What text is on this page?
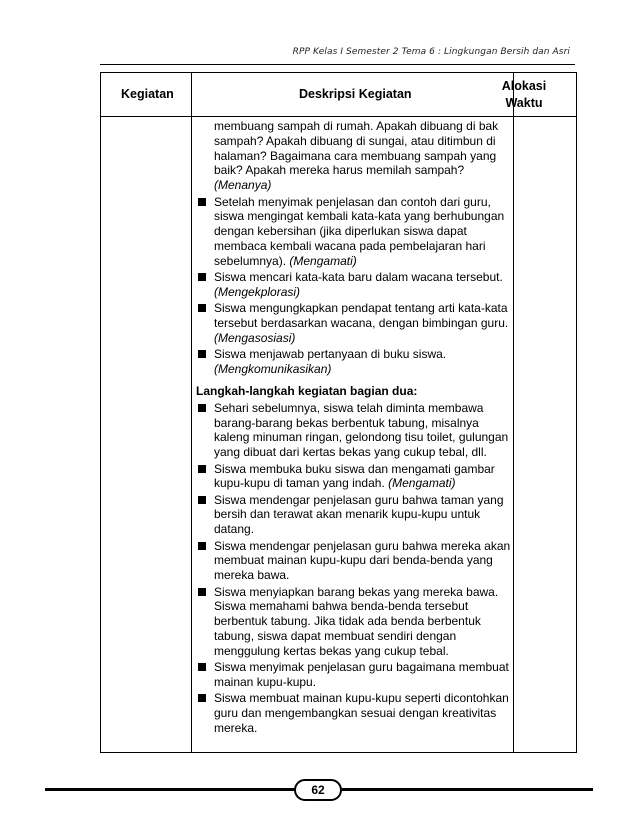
RPP Kelas I Semester 2 Tema 6 : Lingkungan Bersih dan Asri
Kegiatan	Deskripsi Kegiatan
Alokasi
Waktu
membuang sampah di rumah. Apakah dibuang di bak sampah? Apakah dibuang di sungai, atau ditimbun di halaman? Bagaimana cara membuang sampah yang baik? Apakah mereka harus memilah sampah? (Menanya)
Setelah menyimak penjelasan dan contoh dari guru, siswa mengingat kembali kata-kata yang berhubungan dengan kebersihan (jika diperlukan siswa dapat membaca kembali wacana pada pembelajaran hari sebelumnya). (Mengamati)
Siswa mencari kata-kata baru dalam wacana tersebut. (Mengekplorasi)
Siswa mengungkapkan pendapat tentang arti kata-kata tersebut berdasarkan wacana, dengan bimbingan guru. (Mengasosiasi)
Siswa menjawab pertanyaan di buku siswa. (Mengkomunikasikan)
Langkah-langkah kegiatan bagian dua:
Sehari sebelumnya, siswa telah diminta membawa barang-barang bekas berbentuk tabung, misalnya kaleng minuman ringan, gelondong tisu toilet, gulungan yang dibuat dari kertas bekas yang cukup tebal, dll.
Siswa membuka buku siswa dan mengamati gambar kupu-kupu di taman yang indah. (Mengamati)
Siswa mendengar penjelasan guru bahwa taman yang bersih dan terawat akan menarik kupu-kupu untuk datang.
Siswa mendengar penjelasan guru bahwa mereka akan membuat mainan kupu-kupu dari benda-benda yang mereka bawa.
Siswa menyiapkan barang bekas yang mereka bawa. Siswa memahami bahwa benda-benda tersebut berbentuk tabung. Jika tidak ada benda berbentuk tabung, siswa dapat membuat sendiri dengan menggulung kertas bekas yang cukup tebal.
Siswa menyimak penjelasan guru bagaimana membuat mainan kupu-kupu.
Siswa membuat mainan kupu-kupu seperti dicontohkan guru dan mengembangkan sesuai dengan kreativitas mereka.
62
